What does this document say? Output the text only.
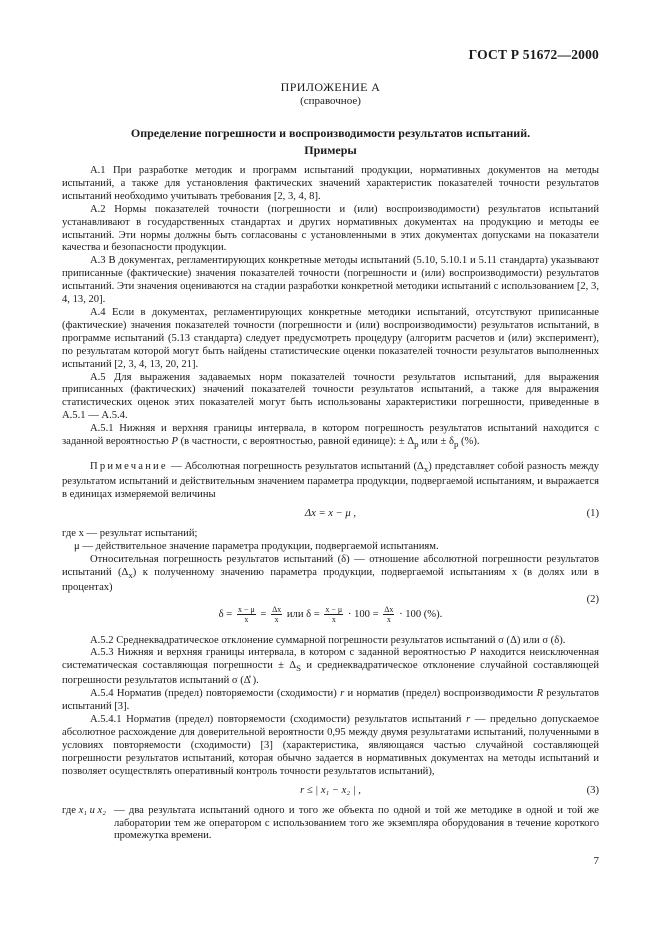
ГОСТ Р 51672—2000
ПРИЛОЖЕНИЕ А
(справочное)
Определение погрешности и воспроизводимости результатов испытаний.
Примеры

А.1 При разработке методик и программ испытаний продукции, нормативных документов на методы испытаний, а также для установления фактических значений характеристик показателей точности результатов испытаний необходимо учитывать требования [2, 3, 4, 8].

А.2 Нормы показателей точности (погрешности и (или) воспроизводимости) результатов испытаний устанавливают в государственных стандартах и других нормативных документах на продукцию и методы ее испытаний. Эти нормы должны быть согласованы с установленными в этих документах допусками на показатели качества и безопасности продукции.

А.3 В документах, регламентирующих конкретные методы испытаний (5.10, 5.10.1 и 5.11 стандарта) указывают приписанные (фактические) значения показателей точности (погрешности и (или) воспроизводимости) результатов испытаний. Эти значения оцениваются на стадии разработки конкретной методики испытаний с использованием [2, 3, 4, 13, 20].

А.4 Если в документах, регламентирующих конкретные методики испытаний, отсутствуют приписанные (фактические) значения показателей точности (погрешности и (или) воспроизводимости) результатов испытаний, в программе испытаний (5.13 стандарта) следует предусмотреть процедуру (алгоритм расчетов и (или) эксперимент), по результатам которой могут быть найдены статистические оценки показателей точности результатов выполненных испытаний [2, 3, 4, 13, 20, 21].

А.5 Для выражения задаваемых норм показателей точности результатов испытаний, для выражения приписанных (фактических) значений показателей точности результатов испытаний, а также для выражения статистических оценок этих показателей могут быть использованы характеристики погрешности, приведенные в А.5.1 — А.5.4.

А.5.1 Нижняя и верхняя границы интервала, в котором погрешность результатов испытаний находится с заданной вероятностью P (в частности, с вероятностью, равной единице): ± $\Delta_р$ или ± $\delta_р$ (%).

Примечание — Абсолютная погрешность результатов испытаний $(\Delta_х)$ представляет собой разность между результатом испытаний и действительным значением параметра продукции, подвергаемой испытаниям, и выражается в единицах измеряемой величины

Δх = х − μ ,	(1)

где х — результат испытаний;

μ — действительное значение параметра продукции, подвергаемой испытаниям.

Относительная погрешность результатов испытаний (δ) — отношение абсолютной погрешности результатов испытаний $(\Delta_х)$ к полученному значению параметра продукции, подвергаемой испытаниям х (в долях или в процентах)

$\delta = \frac{х - \mu}{х} = \frac{\Delta х}{х}$ или $\delta = \frac{х - \mu}{х} \cdot 100 = \frac{\Delta х}{х} \cdot 100$ (%).
(2)

А.5.2 Среднеквадратическое отклонение суммарной погрешности результатов испытаний σ (Δ) или σ (δ).

А.5.3 Нижняя и верхняя границы интервала, в котором с заданной вероятностью P находится неисключенная систематическая составляющая погрешности ± $\Delta_S$ и среднеквадратическое отклонение случайной составляющей погрешности результатов испытаний σ (Δ̊ ).

А.5.4 Норматив (предел) повторяемости (сходимости) r и норматив (предел) воспроизводимости R результатов испытаний [3].

А.5.4.1 Норматив (предел) повторяемости (сходимости) результатов испытаний r — предельно допускаемое абсолютное расхождение для доверительной вероятности 0,95 между двумя результатами испытаний, полученными в условиях повторяемости (сходимости) [3] (характеристика, являющаяся частью случайной составляющей погрешности результатов испытаний, которая обычно задается в нормативных документах на методы испытаний и позволяет осуществлять оперативный контроль точности результатов испытаний),

r ≤ | x₁ − x₂ | ,	(3)
где x₁ и x₂ — два результата испытаний одного и того же объекта по одной и той же методике в одной и той же лаборатории тем же оператором с использованием того же экземпляра оборудования в течение короткого промежутка времени.
7
